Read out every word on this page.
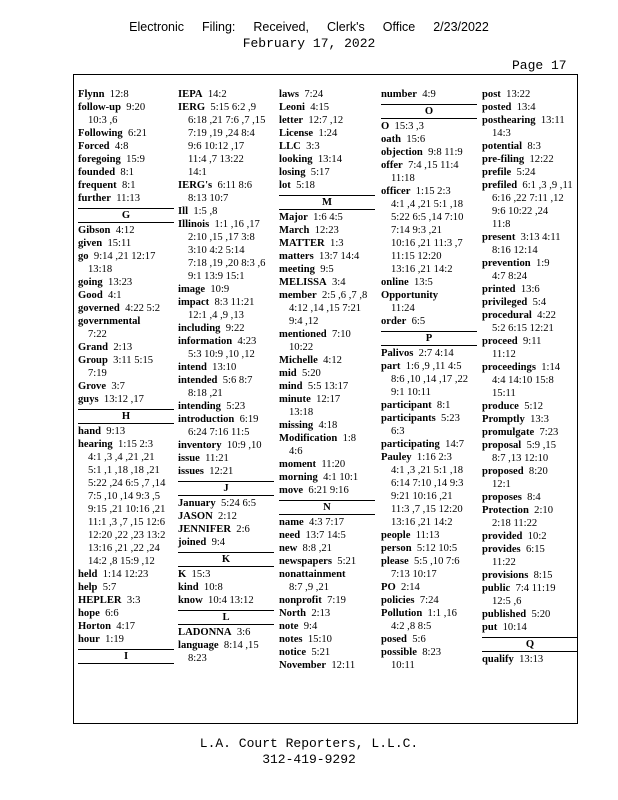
Electronic Filing: Received, Clerk's Office 2/23/2022
February 17, 2022
Page 17
Flynn 12:8
follow-up 9:20
10:3 ,6
Following 6:21
Forced 4:8
foregoing 15:9
founded 8:1
frequent 8:1
further 11:13
G
Gibson 4:12
given 15:11
go 9:14 ,21 12:17
13:18
going 13:23
Good 4:1
governed 4:22 5:2
governmental
7:22
Grand 2:13
Group 3:11 5:15
7:19
Grove 3:7
guys 13:12 ,17
H
hand 9:13
hearing 1:15 2:3
4:1 ,3 ,4 ,21 ,21
5:1 ,1 ,18 ,18 ,21
5:22 ,24 6:5 ,7 ,14
7:5 ,10 ,14 9:3 ,5
9:15 ,21 10:16 ,21
11:1 ,3 ,7 ,15 12:6
12:20 ,22 ,23 13:2
13:16 ,21 ,22 ,24
14:2 ,8 15:9 ,12
held 1:14 12:23
help 5:7
HEPLER 3:3
hope 6:6
Horton 4:17
hour 1:19
I
IEPA 14:2
IERG 5:15 6:2 ,9
6:18 ,21 7:6 ,7 ,15
7:19 ,19 ,24 8:4
9:6 10:12 ,17
11:4 ,7 13:22
14:1
IERG's 6:11 8:6
8:13 10:7
Ill 1:5 ,8
Illinois 1:1 ,16 ,17
2:10 ,15 ,17 3:8
3:10 4:2 5:14
7:18 ,19 ,20 8:3 ,6
9:1 13:9 15:1
image 10:9
impact 8:3 11:21
12:1 ,4 ,9 ,13
including 9:22
information 4:23
5:3 10:9 ,10 ,12
intend 13:10
intended 5:6 8:7
8:18 ,21
intending 5:23
introduction 6:19
6:24 7:16 11:5
inventory 10:9 ,10
issue 11:21
issues 12:21
J
January 5:24 6:5
JASON 2:12
JENNIFER 2:6
joined 9:4
K
K 15:3
kind 10:8
know 10:4 13:12
L
LADONNA 3:6
language 8:14 ,15
8:23
laws 7:24
Leoni 4:15
letter 12:7 ,12
License 1:24
LLC 3:3
looking 13:14
losing 5:17
lot 5:18
M
Major 1:6 4:5
March 12:23
MATTER 1:3
matters 13:7 14:4
meeting 9:5
MELISSA 3:4
member 2:5 ,6 ,7 ,8
4:12 ,14 ,15 7:21
9:4 ,12
mentioned 7:10
10:22
Michelle 4:12
mid 5:20
mind 5:5 13:17
minute 12:17
13:18
missing 4:18
Modification 1:8
4:6
moment 11:20
morning 4:1 10:1
move 6:21 9:16
N
name 4:3 7:17
need 13:7 14:5
new 8:8 ,21
newspapers 5:21
nonattainment
8:7 ,9 ,21
nonprofit 7:19
North 2:13
note 9:4
notes 15:10
notice 5:21
November 12:11
number 4:9
O
O 15:3 ,3
oath 15:6
objection 9:8 11:9
offer 7:4 ,15 11:4
11:18
officer 1:15 2:3
4:1 ,4 ,21 5:1 ,18
5:22 6:5 ,14 7:10
7:14 9:3 ,21
10:16 ,21 11:3 ,7
11:15 12:20
13:16 ,21 14:2
online 13:5
Opportunity
11:24
order 6:5
P
Palivos 2:7 4:14
part 1:6 ,9 ,11 4:5
8:6 ,10 ,14 ,17 ,22
9:1 10:11
participant 8:1
participants 5:23
6:3
participating 14:7
Pauley 1:16 2:3
4:1 ,3 ,21 5:1 ,18
6:14 7:10 ,14 9:3
9:21 10:16 ,21
11:3 ,7 ,15 12:20
13:16 ,21 14:2
people 11:13
person 5:12 10:5
please 5:5 ,10 7:6
7:13 10:17
PO 2:14
policies 7:24
Pollution 1:1 ,16
4:2 ,8 8:5
posed 5:6
possible 8:23
10:11
post 13:22
posted 13:4
posthearing 13:11
14:3
potential 8:3
pre-filing 12:22
prefile 5:24
prefiled 6:1 ,3 ,9 ,11
6:16 ,22 7:11 ,12
9:6 10:22 ,24
11:8
present 3:13 4:11
8:16 12:14
prevention 1:9
4:7 8:24
printed 13:6
privileged 5:4
procedural 4:22
5:2 6:15 12:21
proceed 9:11
11:12
proceedings 1:14
4:4 14:10 15:8
15:11
produce 5:12
Promptly 13:3
promulgate 7:23
proposal 5:9 ,15
8:7 ,13 12:10
proposed 8:20
12:1
proposes 8:4
Protection 2:10
2:18 11:22
provided 10:2
provides 6:15
11:22
provisions 8:15
public 7:4 11:19
12:5 ,6
published 5:20
put 10:14
Q
qualify 13:13
L.A. Court Reporters, L.L.C.
312-419-9292
